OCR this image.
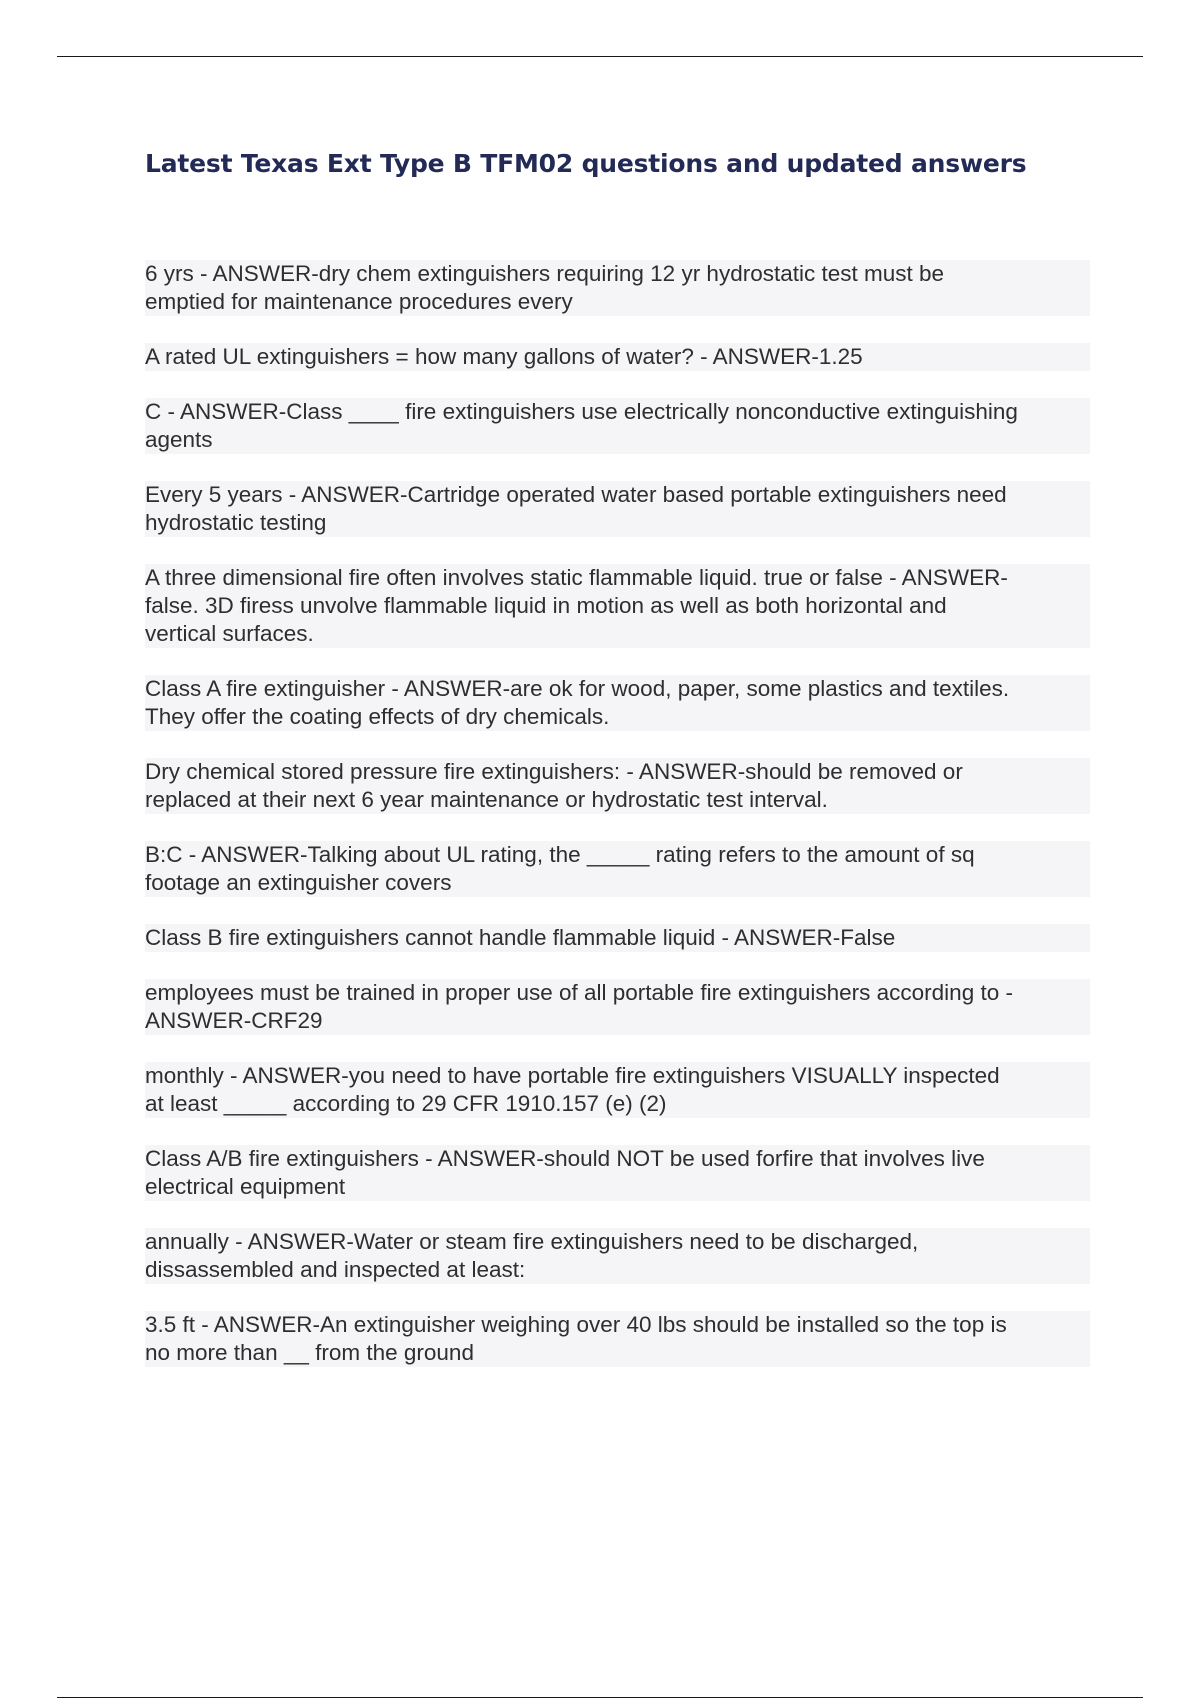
Latest Texas Ext Type B TFM02 questions and updated answers
6 yrs - ANSWER-dry chem extinguishers requiring 12 yr hydrostatic test must be
emptied for maintenance procedures every
A rated UL extinguishers = how many gallons of water? - ANSWER-1.25
C - ANSWER-Class ____ fire extinguishers use electrically nonconductive extinguishing
agents
Every 5 years - ANSWER-Cartridge operated water based portable extinguishers need
hydrostatic testing
A three dimensional fire often involves static flammable liquid. true or false - ANSWER-
false. 3D firess unvolve flammable liquid in motion as well as both horizontal and
vertical surfaces.
Class A fire extinguisher - ANSWER-are ok for wood, paper, some plastics and textiles.
They offer the coating effects of dry chemicals.
Dry chemical stored pressure fire extinguishers: - ANSWER-should be removed or
replaced at their next 6 year maintenance or hydrostatic test interval.
B:C - ANSWER-Talking about UL rating, the _____ rating refers to the amount of sq
footage an extinguisher covers
Class B fire extinguishers cannot handle flammable liquid - ANSWER-False
employees must be trained in proper use of all portable fire extinguishers according to -
ANSWER-CRF29
monthly - ANSWER-you need to have portable fire extinguishers VISUALLY inspected
at least _____ according to 29 CFR 1910.157 (e) (2)
Class A/B fire extinguishers - ANSWER-should NOT be used forfire that involves live
electrical equipment
annually - ANSWER-Water or steam fire extinguishers need to be discharged,
dissassembled and inspected at least:
3.5 ft - ANSWER-An extinguisher weighing over 40 lbs should be installed so the top is
no more than __ from the ground
